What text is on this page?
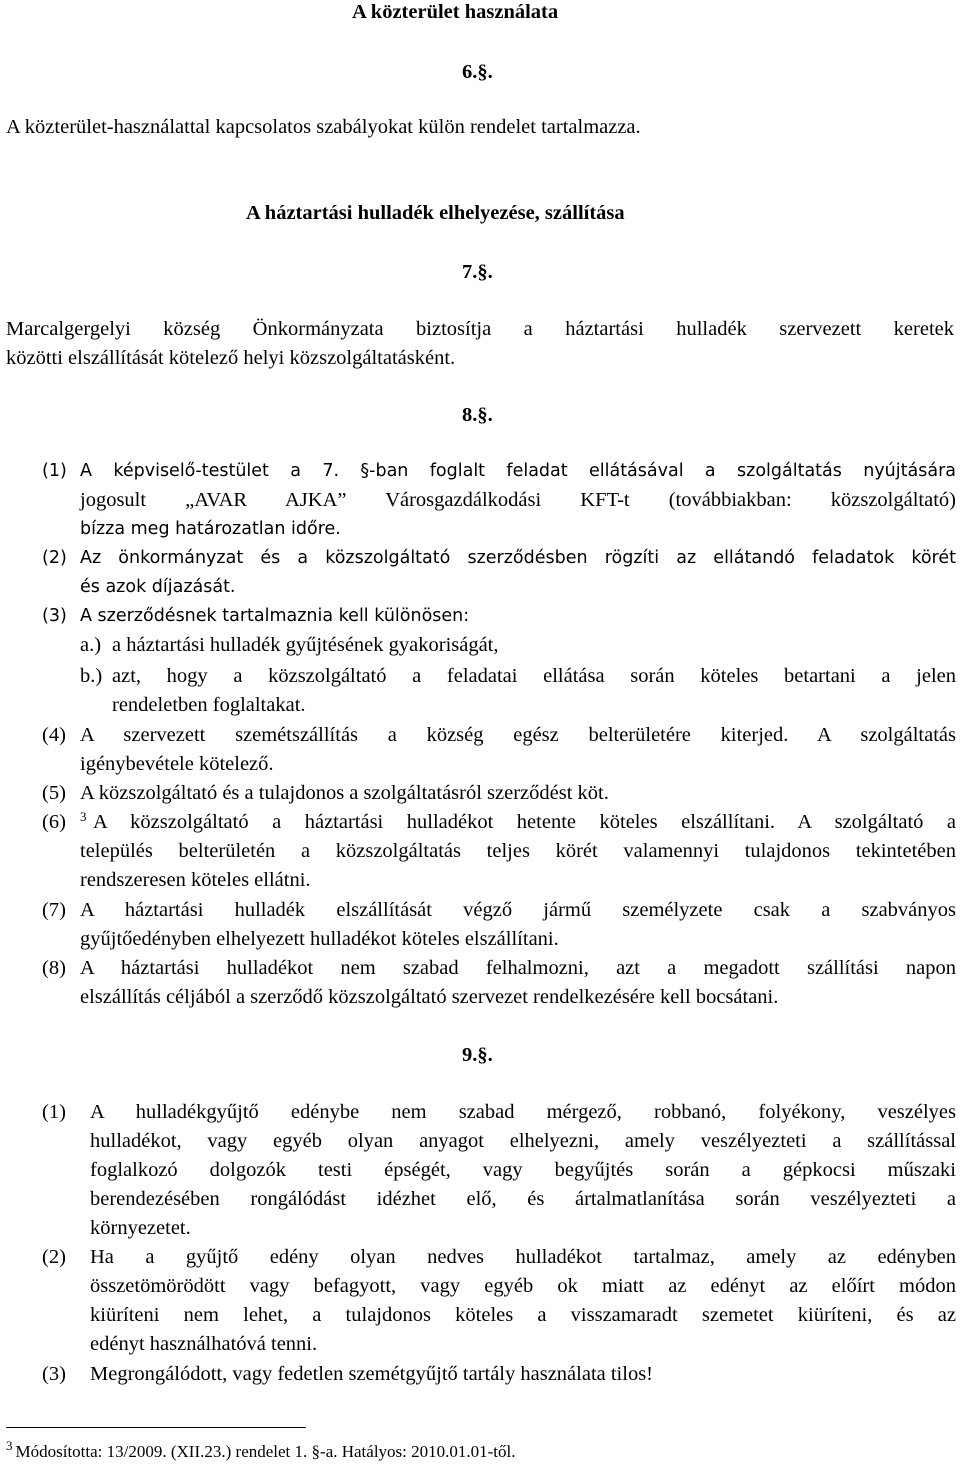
A közterület használata
6.§.
A közterület-használattal kapcsolatos szabályokat külön rendelet tartalmazza.
A háztartási hulladék elhelyezése, szállítása
7.§.
Marcalgergelyi község Önkormányzata biztosítja a háztartási hulladék szervezett keretek
közötti elszállítását kötelező helyi közszolgáltatásként.
8.§.
(1) A képviselő-testület a 7. §-ban foglalt feladat ellátásával a szolgáltatás nyújtására
jogosult „AVAR AJKA” Városgazdálkodási KFT-t (továbbiakban: közszolgáltató)
bízza meg határozatlan időre.
(2) Az önkormányzat és a közszolgáltató szerződésben rögzíti az ellátandó feladatok körét
és azok díjazását.
(3) A szerződésnek tartalmaznia kell különösen:
a.) a háztartási hulladék gyűjtésének gyakoriságát,
b.) azt, hogy a közszolgáltató a feladatai ellátása során köteles betartani a jelen
rendeletben foglaltakat.
(4) A szervezett szemétszállítás a község egész belterületére kiterjed. A szolgáltatás
igénybevétele kötelező.
(5) A közszolgáltató és a tulajdonos a szolgáltatásról szerződést köt.
(6) $^3$ A közszolgáltató a háztartási hulladékot hetente köteles elszállítani. A szolgáltató a
település belterületén a közszolgáltatás teljes körét valamennyi tulajdonos tekintetében
rendszeresen köteles ellátni.
(7) A háztartási hulladék elszállítását végző jármű személyzete csak a szabványos
gyűjtőedényben elhelyezett hulladékot köteles elszállítani.
(8) A háztartási hulladékot nem szabad felhalmozni, azt a megadott szállítási napon
elszállítás céljából a szerződő közszolgáltató szervezet rendelkezésére kell bocsátani.
9.§.
(1) A hulladékgyűjtő edénybe nem szabad mérgező, robbanó, folyékony, veszélyes
hulladékot, vagy egyéb olyan anyagot elhelyezni, amely veszélyezteti a szállítással
foglalkozó dolgozók testi épségét, vagy begyűjtés során a gépkocsi műszaki
berendezésében rongálódást idézhet elő, és ártalmatlanítása során veszélyezteti a
környezetet.
(2) Ha a gyűjtő edény olyan nedves hulladékot tartalmaz, amely az edényben
összetömörödött vagy befagyott, vagy egyéb ok miatt az edényt az előírt módon
kiüríteni nem lehet, a tulajdonos köteles a visszamaradt szemetet kiüríteni, és az
edényt használhatóvá tenni.
(3) Megrongálódott, vagy fedetlen szemétgyűjtő tartály használata tilos!
$^3$ Módosította: 13/2009. (XII.23.) rendelet 1. §-a. Hatályos: 2010.01.01-től.
